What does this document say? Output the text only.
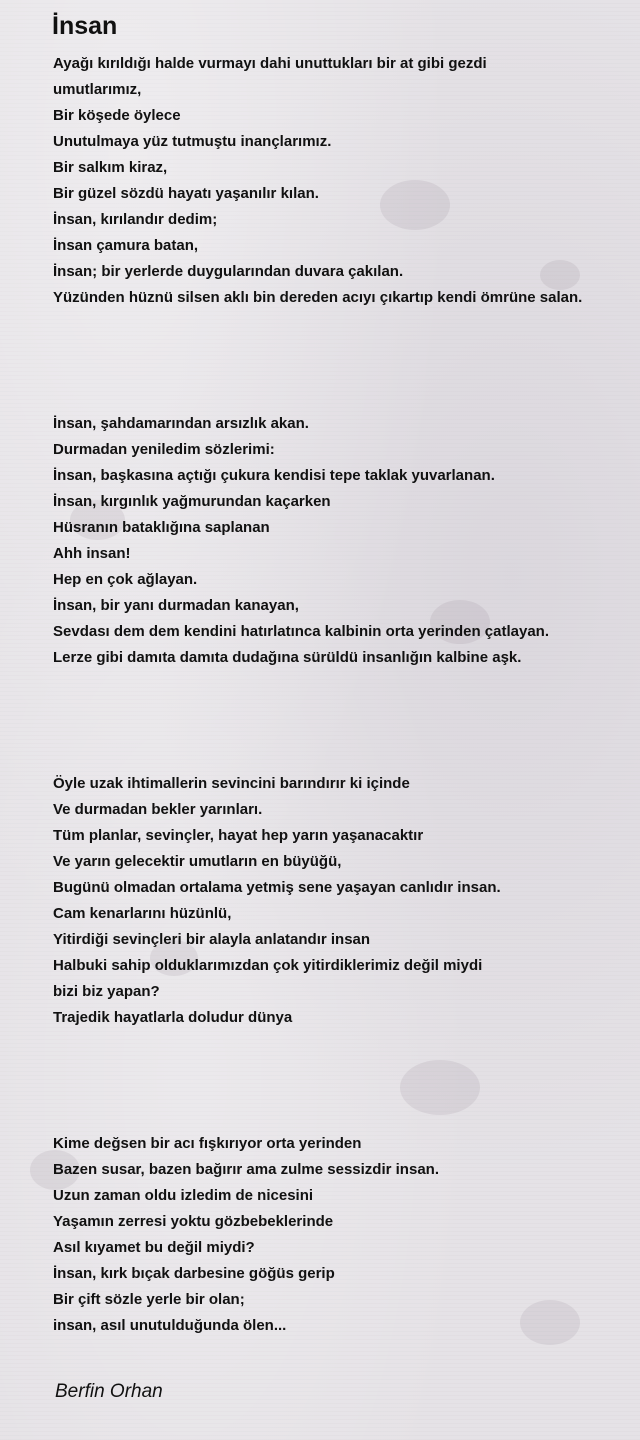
İnsan
Ayağı kırıldığı halde vurmayı dahi unuttukları bir at gibi gezdi
umutlarımız,
Bir köşede öylece
Unutulmaya yüz tutmuştu inançlarımız.
Bir salkım kiraz,
Bir güzel sözdü hayatı yaşanılır kılan.
İnsan, kırılandır dedim;
İnsan çamura batan,
İnsan; bir yerlerde duygularından duvara çakılan.
Yüzünden hüznü silsen aklı bin dereden acıyı çıkartıp kendi ömrüne salan.
İnsan, şahdamarından arsızlık akan.
Durmadan yeniledim sözlerimi:
İnsan, başkasına açtığı çukura kendisi tepe taklak yuvarlanan.
İnsan, kırgınlık yağmurundan kaçarken
Hüsranın bataklığına saplanan
Ahh insan!
Hep en çok ağlayan.
İnsan, bir yanı durmadan kanayan,
Sevdası dem dem kendini hatırlatınca kalbinin orta yerinden çatlayan.
Lerze gibi damıta damıta dudağına sürüldü insanlığın kalbine aşk.
Öyle uzak ihtimallerin sevincini barındırır ki içinde
Ve durmadan bekler yarınları.
Tüm planlar, sevinçler, hayat hep yarın yaşanacaktır
Ve yarın gelecektir umutların en büyüğü,
Bugünü olmadan ortalama yetmiş sene yaşayan canlıdır insan.
Cam kenarlarını hüzünlü,
Yitirdiği sevinçleri bir alayla anlatandır insan
Halbuki sahip olduklarımızdan çok yitirdiklerimiz değil miydi
bizi biz yapan?
Trajedik hayatlarla doludur dünya
Kime değsen bir acı fışkırıyor orta yerinden
Bazen susar, bazen bağırır ama zulme sessizdir insan.
Uzun zaman oldu izledim de nicesini
Yaşamın zerresi yoktu gözbebeklerinde
Asıl kıyamet bu değil miydi?
İnsan, kırk bıçak darbesine göğüs gerip
Bir çift sözle yerle bir olan;
insan, asıl unutulduğunda ölen...
Berfin Orhan
